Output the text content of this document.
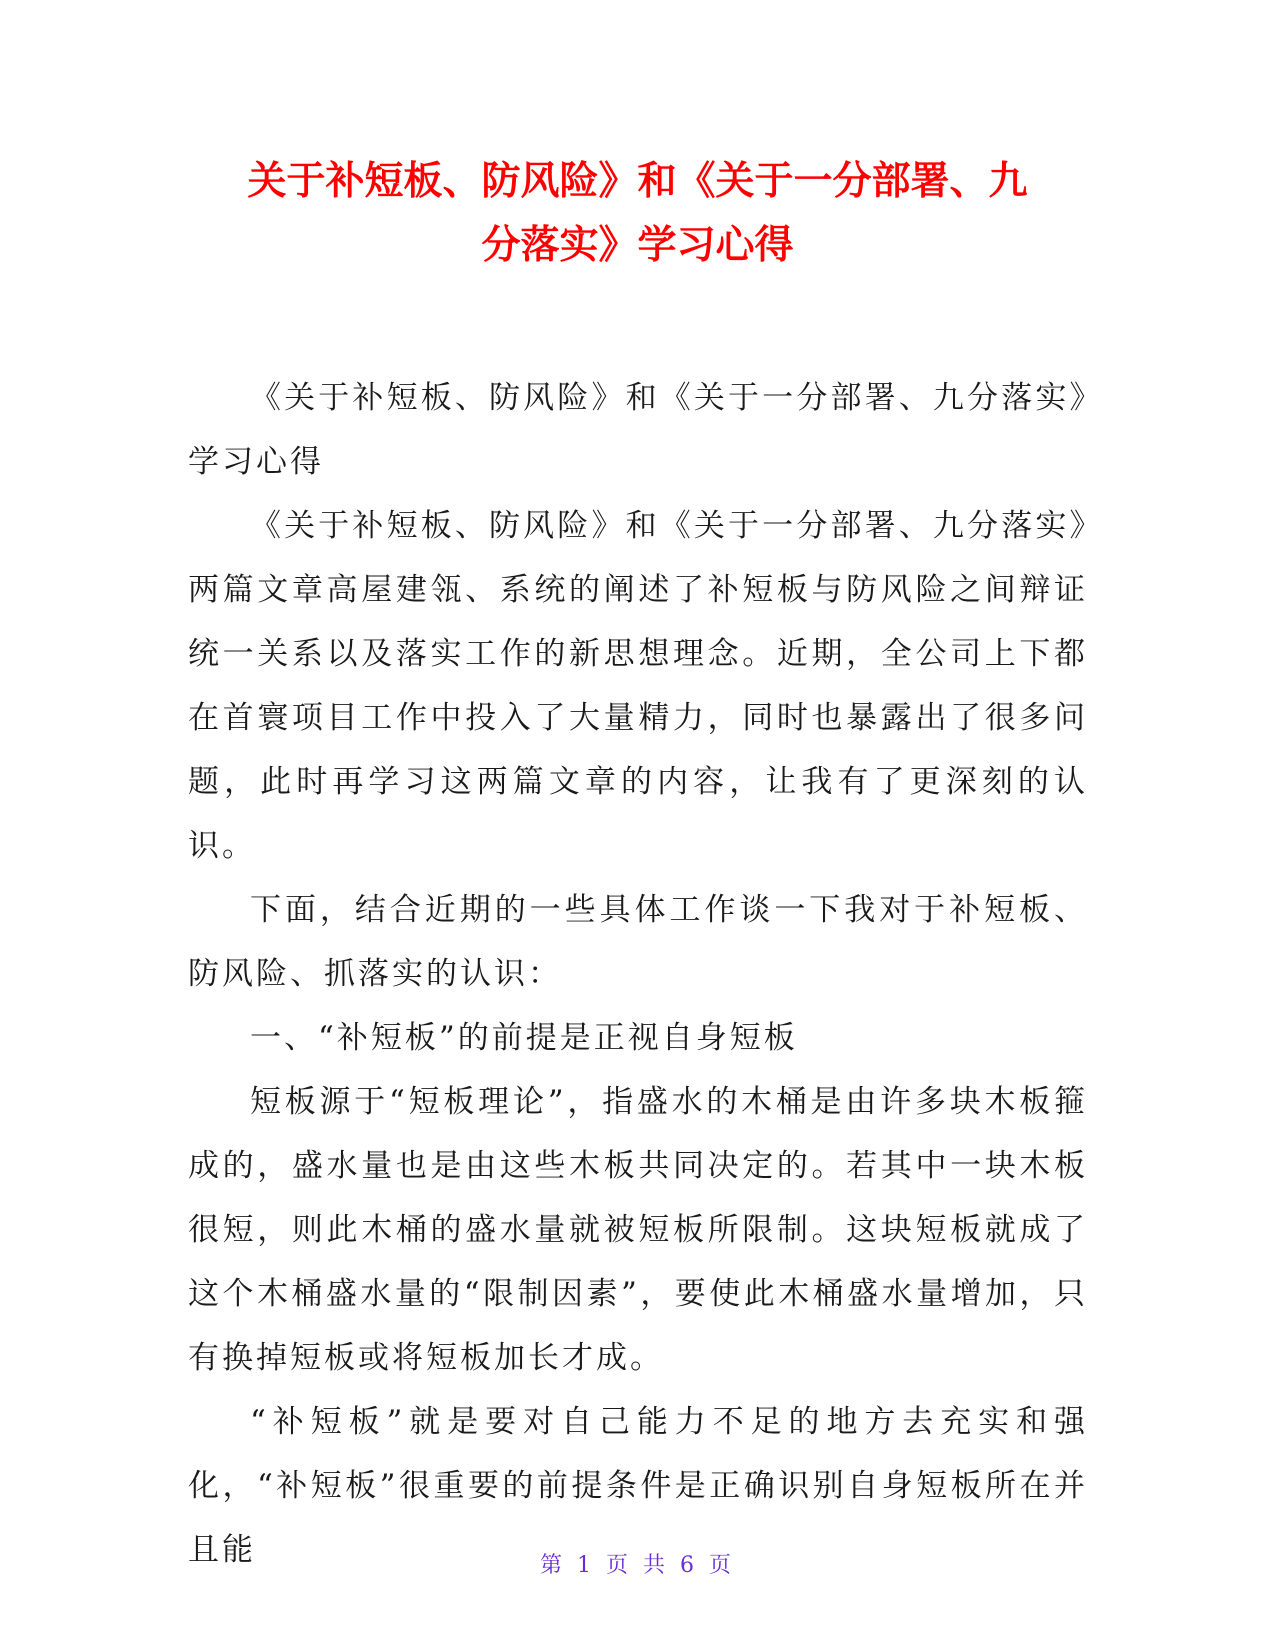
关于补短板、防风险》和《关于一分部署、九
分落实》学习心得

《关于补短板、防风险》和《关于一分部署、九分落实》学习心得

《关于补短板、防风险》和《关于一分部署、九分落实》两篇文章高屋建瓴、系统的阐述了补短板与防风险之间辩证统一关系以及落实工作的新思想理念。近期，全公司上下都在首寰项目工作中投入了大量精力，同时也暴露出了很多问题，此时再学习这两篇文章的内容，让我有了更深刻的认识。

下面，结合近期的一些具体工作谈一下我对于补短板、防风险、抓落实的认识：

一、“补短板”的前提是正视自身短板

短板源于“短板理论”，指盛水的木桶是由许多块木板箍成的，盛水量也是由这些木板共同决定的。若其中一块木板很短，则此木桶的盛水量就被短板所限制。这块短板就成了这个木桶盛水量的“限制因素”，要使此木桶盛水量增加，只有换掉短板或将短板加长才成。

“补短板”就是要对自己能力不足的地方去充实和强化，“补短板”很重要的前提条件是正确识别自身短板所在并且能	第 1 页 共 6 页
